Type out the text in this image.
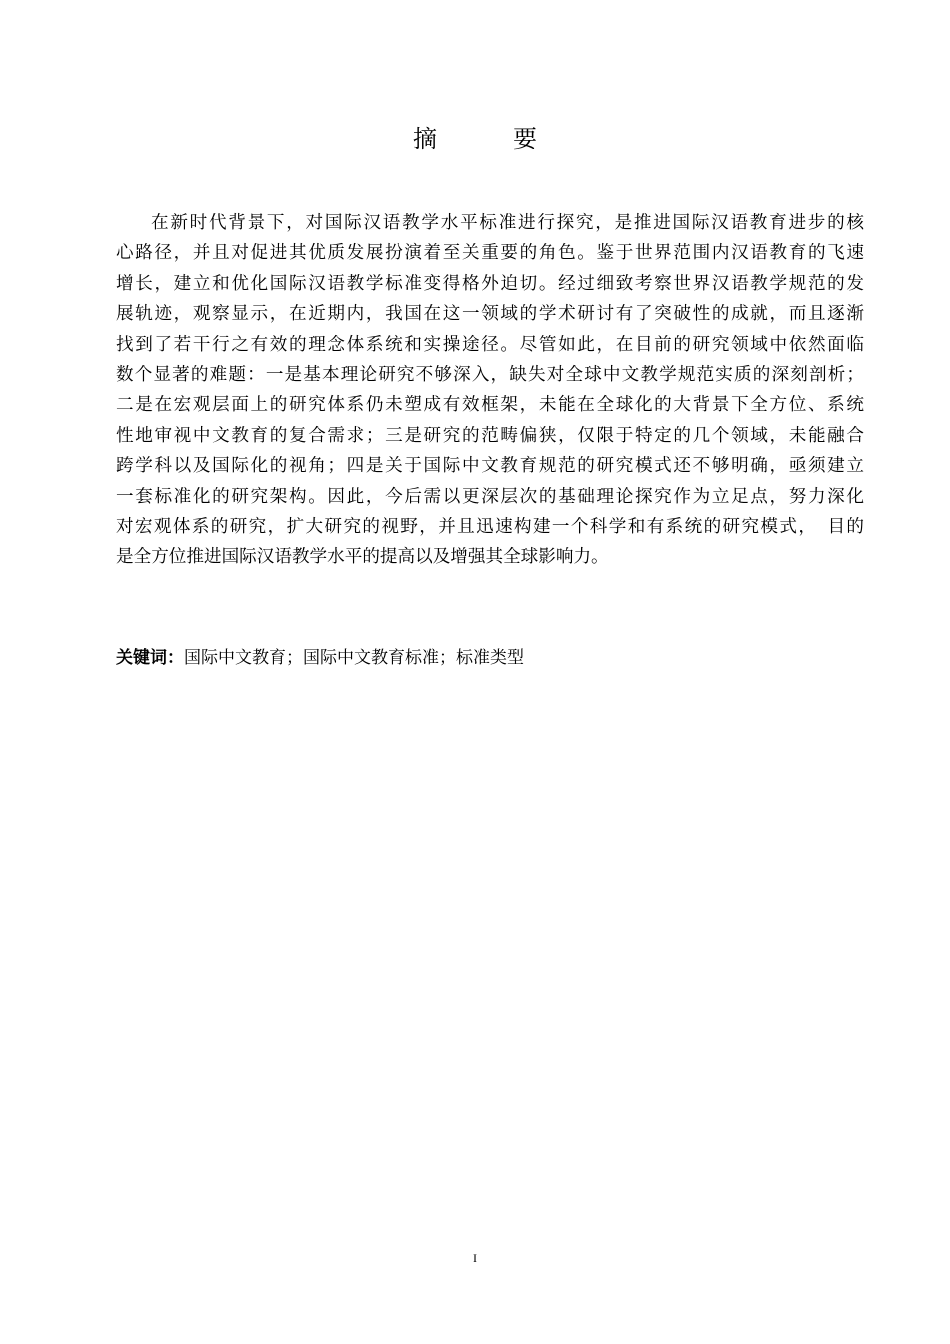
摘　要
在新时代背景下，对国际汉语教学水平标准进行探究，是推进国际汉语教育进步的核
心路径，并且对促进其优质发展扮演着至关重要的角色。鉴于世界范围内汉语教育的飞速
增长，建立和优化国际汉语教学标准变得格外迫切。经过细致考察世界汉语教学规范的发
展轨迹，观察显示，在近期内，我国在这一领域的学术研讨有了突破性的成就，而且逐渐
找到了若干行之有效的理念体系统和实操途径。尽管如此，在目前的研究领域中依然面临
数个显著的难题：一是基本理论研究不够深入，缺失对全球中文教学规范实质的深刻剖析；
二是在宏观层面上的研究体系仍未塑成有效框架，未能在全球化的大背景下全方位、系统
性地审视中文教育的复合需求；三是研究的范畴偏狭，仅限于特定的几个领域，未能融合
跨学科以及国际化的视角；四是关于国际中文教育规范的研究模式还不够明确，亟须建立
一套标准化的研究架构。因此，今后需以更深层次的基础理论探究作为立足点，努力深化
对宏观体系的研究，扩大研究的视野，并且迅速构建一个科学和有系统的研究模式，　目的
是全方位推进国际汉语教学水平的提高以及增强其全球影响力。
关键词：国际中文教育；国际中文教育标准；标准类型
I
